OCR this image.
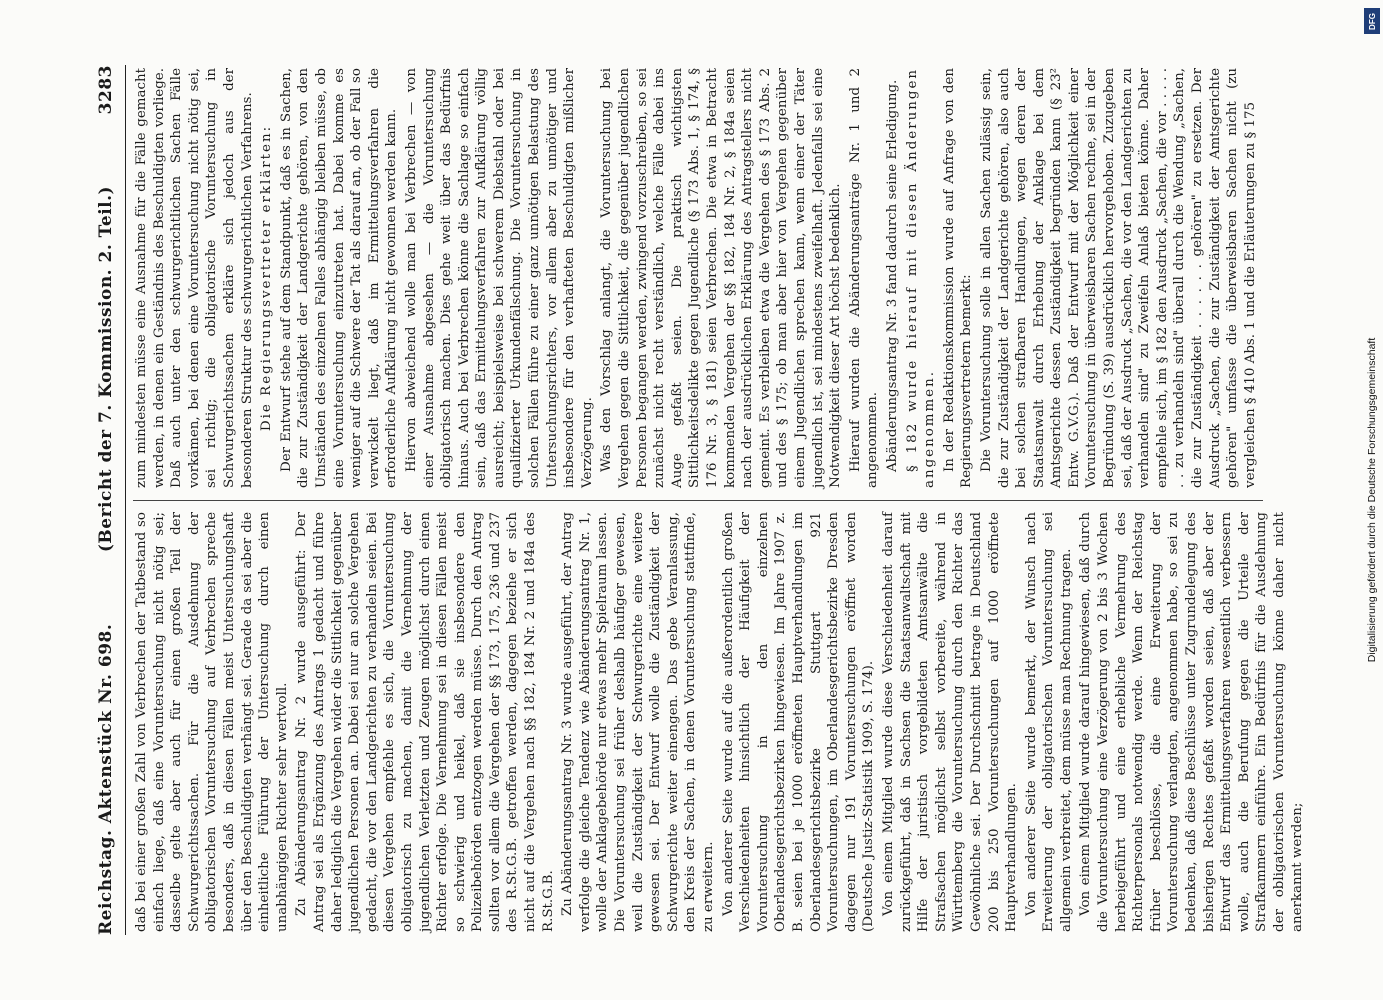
Reichstag. Aktenstück Nr. 698.
(Bericht der 7. Kommission. 2. Teil.)
3283

daß bei einer großen Zahl von Verbrechen der Tatbestand so einfach liege, daß eine Voruntersuchung nicht nötig sei; dasselbe gelte aber auch für einen großen Teil der Schwurgerichtssachen. Für die Ausdehnung der obligatorischen Voruntersuchung auf Verbrechen spreche besonders, daß in diesen Fällen meist Untersuchungshaft über den Beschuldigten verhängt sei. Gerade da sei aber die einheitliche Führung der Untersuchung durch einen unabhängigen Richter sehr wertvoll. Zu Abänderungsantrag Nr. 2 wurde ausgeführt: Der Antrag sei als Ergänzung des Antrags 1 gedacht und führe daher lediglich die Vergehen wider die Sittlichkeit gegenüber jugendlichen Personen an. Dabei sei nur an solche Vergehen gedacht, die vor den Landgerichten zu verhandeln seien. Bei diesen Vergehen empfehle es sich, die Voruntersuchung obligatorisch zu machen, damit die Vernehmung der jugendlichen Verletzten und Zeugen möglichst durch einen Richter erfolge. Die Vernehmung sei in diesen Fällen meist so schwierig und heikel, daß sie insbesondere den Polizeibehörden entzogen werden müsse. Durch den Antrag sollten vor allem die Vergehen der §§ 173, 175, 236 und 237 des R.St.G.B. getroffen werden, dagegen beziehe er sich nicht auf die Vergehen nach §§ 182, 184 Nr. 2 und 184a des R.St.G.B. Zu Abänderungsantrag Nr. 3 wurde ausgeführt, der Antrag verfolge die gleiche Tendenz wie Abänderungsantrag Nr. 1, wolle der Anklagebehörde nur etwas mehr Spielraum lassen. Die Voruntersuchung sei früher deshalb häufiger gewesen, weil die Zuständigkeit der Schwurgerichte eine weitere gewesen sei. Der Entwurf wolle die Zuständigkeit der Schwurgerichte weiter einengen. Das gebe Veranlassung, den Kreis der Sachen, in denen Voruntersuchung stattfinde, zu erweitern. Von anderer Seite wurde auf die außerordentlich großen Verschiedenheiten hinsichtlich der Häufigkeit der Voruntersuchung in den einzelnen Oberlandesgerichtsbezirken hingewiesen. Im Jahre 1907 z. B. seien bei je 1000 eröffneten Hauptverhandlungen im Oberlandesgerichtsbezirke Stuttgart 921 Voruntersuchungen, im Oberlandesgerichtsbezirke Dresden dagegen nur 191 Voruntersuchungen eröffnet worden (Deutsche Justiz-Statistik 1909, S. 174). Von einem Mitglied wurde diese Verschiedenheit darauf zurückgeführt, daß in Sachsen die Staatsanwaltschaft mit Hilfe der juristisch vorgebildeten Amtsanwälte die Strafsachen möglichst selbst vorbereite, während in Württemberg die Voruntersuchung durch den Richter das Gewöhnliche sei. Der Durchschnitt betrage in Deutschland 200 bis 250 Voruntersuchungen auf 1000 eröffnete Hauptverhandlungen. Von anderer Seite wurde bemerkt, der Wunsch nach Erweiterung der obligatorischen Voruntersuchung sei allgemein verbreitet, dem müsse man Rechnung tragen. Von einem Mitglied wurde darauf hingewiesen, daß durch die Voruntersuchung eine Verzögerung von 2 bis 3 Wochen herbeigeführt und eine erhebliche Vermehrung des Richterpersonals notwendig werde. Wenn der Reichstag früher beschlösse, die eine Erweiterung der Voruntersuchung verlangten, angenommen habe, so sei zu bedenken, daß diese Beschlüsse unter Zugrundelegung des bisherigen Rechtes gefaßt worden seien, daß aber der Entwurf das Ermittelungsverfahren wesentlich verbessern wolle, auch die Berufung gegen die Urteile der Strafkammern einführe. Ein Bedürfnis für die Ausdehnung der obligatorischen Voruntersuchung könne daher nicht anerkannt werden;

zum mindesten müsse eine Ausnahme für die Fälle gemacht werden, in denen ein Geständnis des Beschuldigten vorliege. Daß auch unter den schwurgerichtlichen Sachen Fälle vorkämen, bei denen eine Voruntersuchung nicht nötig sei, sei richtig; die obligatorische Voruntersuchung in Schwurgerichtssachen erkläre sich jedoch aus der besonderen Struktur des schwurgerichtlichen Verfahrens. Die Regierungsvertreter erklärten: Der Entwurf stehe auf dem Standpunkt, daß es in Sachen, die zur Zuständigkeit der Landgerichte gehören, von den Umständen des einzelnen Falles abhängig bleiben müsse, ob eine Voruntersuchung einzutreten hat. Dabei komme es weniger auf die Schwere der Tat als darauf an, ob der Fall so verwickelt liegt, daß im Ermittelungsverfahren die erforderliche Aufklärung nicht gewonnen werden kann. Hiervon abweichend wolle man bei Verbrechen — von einer Ausnahme abgesehen — die Voruntersuchung obligatorisch machen. Dies gehe weit über das Bedürfnis hinaus. Auch bei Verbrechen könne die Sachlage so einfach sein, daß das Ermittelungsverfahren zur Aufklärung völlig ausreicht; beispielsweise bei schwerem Diebstahl oder bei qualifizierter Urkundenfälschung. Die Voruntersuchung in solchen Fällen führe zu einer ganz unnötigen Belastung des Untersuchungsrichters, vor allem aber zu unnötiger und insbesondere für den verhafteten Beschuldigten mißlicher Verzögerung. Was den Vorschlag anlangt, die Voruntersuchung bei Vergehen gegen die Sittlichkeit, die gegenüber jugendlichen Personen begangen werden, zwingend vorzuschreiben, so sei zunächst nicht recht verständlich, welche Fälle dabei ins Auge gefaßt seien. Die praktisch wichtigsten Sittlichkeitsdelikte gegen Jugendliche (§ 173 Abs. 1, § 174, § 176 Nr. 3, § 181) seien Verbrechen. Die etwa in Betracht kommenden Vergehen der §§ 182, 184 Nr. 2, § 184a seien nach der ausdrücklichen Erklärung des Antragstellers nicht gemeint. Es verbleiben etwa die Vergehen des § 173 Abs. 2 und des § 175; ob man aber hier von Vergehen gegenüber einem Jugendlichen sprechen kann, wenn einer der Täter jugendlich ist, sei mindestens zweifelhaft. Jedenfalls sei eine Notwendigkeit dieser Art höchst bedenklich. Hierauf wurden die Abänderungsanträge Nr. 1 und 2 angenommen. Abänderungsantrag Nr. 3 fand dadurch seine Erledigung. § 182 wurde hierauf mit diesen Änderungen angenommen. In der Redaktionskommission wurde auf Anfrage von den Regierungsvertretern bemerkt: Die Voruntersuchung solle in allen Sachen zulässig sein, die zur Zuständigkeit der Landgerichte gehören, also auch bei solchen strafbaren Handlungen, wegen deren der Staatsanwalt durch Erhebung der Anklage bei dem Amtsgerichte dessen Zuständigkeit begründen kann (§ 23² Entw. G.V.G.). Daß der Entwurf mit der Möglichkeit einer Voruntersuchung in überweisbaren Sachen rechne, sei in der Begründung (S. 39) ausdrücklich hervorgehoben. Zuzugeben sei, daß der Ausdruck „Sachen, die vor den Landgerichten zu verhandeln sind" zu Zweifeln Anlaß bieten könne. Daher empfehle sich, im § 182 den Ausdruck „Sachen, die vor . . . . . . . zu verhandeln sind" überall durch die Wendung „Sachen, die zur Zuständigkeit . . . . . . gehören" zu ersetzen. Der Ausdruck „Sachen, die zur Zuständigkeit der Amtsgerichte gehören" umfasse die überweisbaren Sachen nicht (zu vergleichen § 410 Abs. 1 und die Erläuterungen zu § 175

DFG
Digitalisierung gefördert durch die Deutsche Forschungsgemeinschaft
